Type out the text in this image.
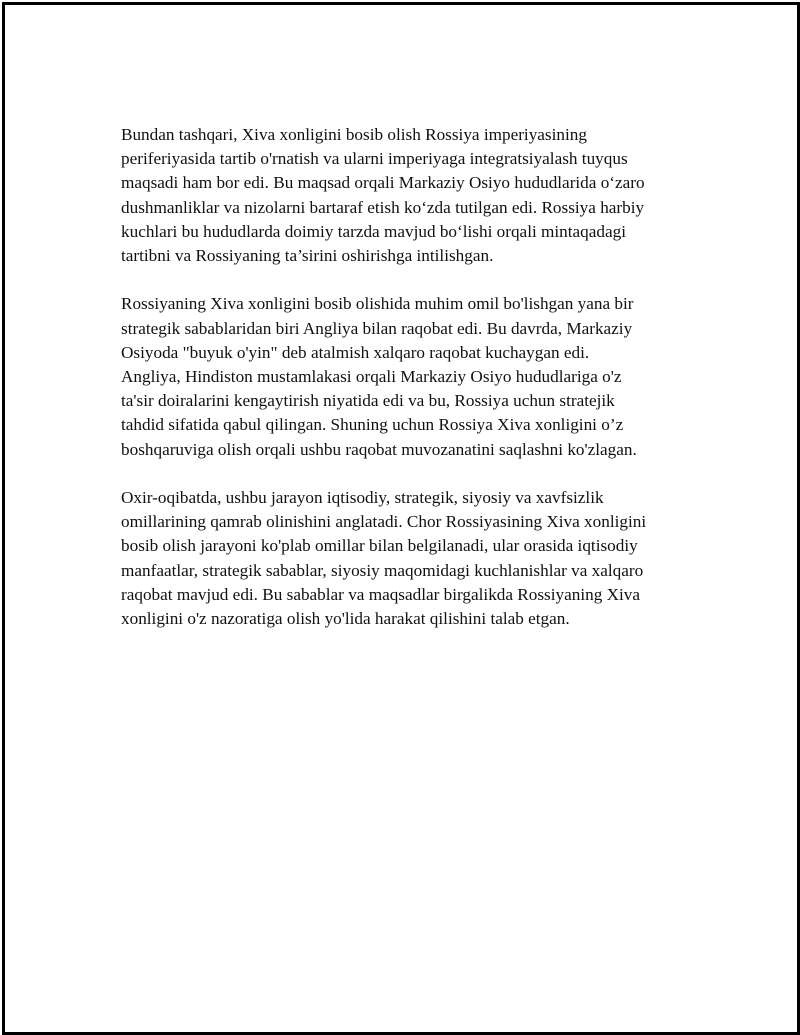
Bundan tashqari, Xiva xonligini bosib olish Rossiya imperiyasining
periferiyasida tartib o'rnatish va ularni imperiyaga integratsiyalash tuyqus
maqsadi ham bor edi. Bu maqsad orqali Markaziy Osiyo hududlarida o‘zaro
dushmanliklar va nizolarni bartaraf etish ko‘zda tutilgan edi. Rossiya harbiy
kuchlari bu hududlarda doimiy tarzda mavjud bo‘lishi orqali mintaqadagi
tartibni va Rossiyaning ta’sirini oshirishga intilishgan.

Rossiyaning Xiva xonligini bosib olishida muhim omil bo'lishgan yana bir
strategik sabablaridan biri Angliya bilan raqobat edi. Bu davrda, Markaziy
Osiyoda "buyuk o'yin" deb atalmish xalqaro raqobat kuchaygan edi.
Angliya, Hindiston mustamlakasi orqali Markaziy Osiyo hududlariga o'z
ta'sir doiralarini kengaytirish niyatida edi va bu, Rossiya uchun stratejik
tahdid sifatida qabul qilingan. Shuning uchun Rossiya Xiva xonligini o’z
boshqaruviga olish orqali ushbu raqobat muvozanatini saqlashni ko'zlagan.

Oxir-oqibatda, ushbu jarayon iqtisodiy, strategik, siyosiy va xavfsizlik
omillarining qamrab olinishini anglatadi. Chor Rossiyasining Xiva xonligini
bosib olish jarayoni ko'plab omillar bilan belgilanadi, ular orasida iqtisodiy
manfaatlar, strategik sabablar, siyosiy maqomidagi kuchlanishlar va xalqaro
raqobat mavjud edi. Bu sabablar va maqsadlar birgalikda Rossiyaning Xiva
xonligini o'z nazoratiga olish yo'lida harakat qilishini talab etgan.
